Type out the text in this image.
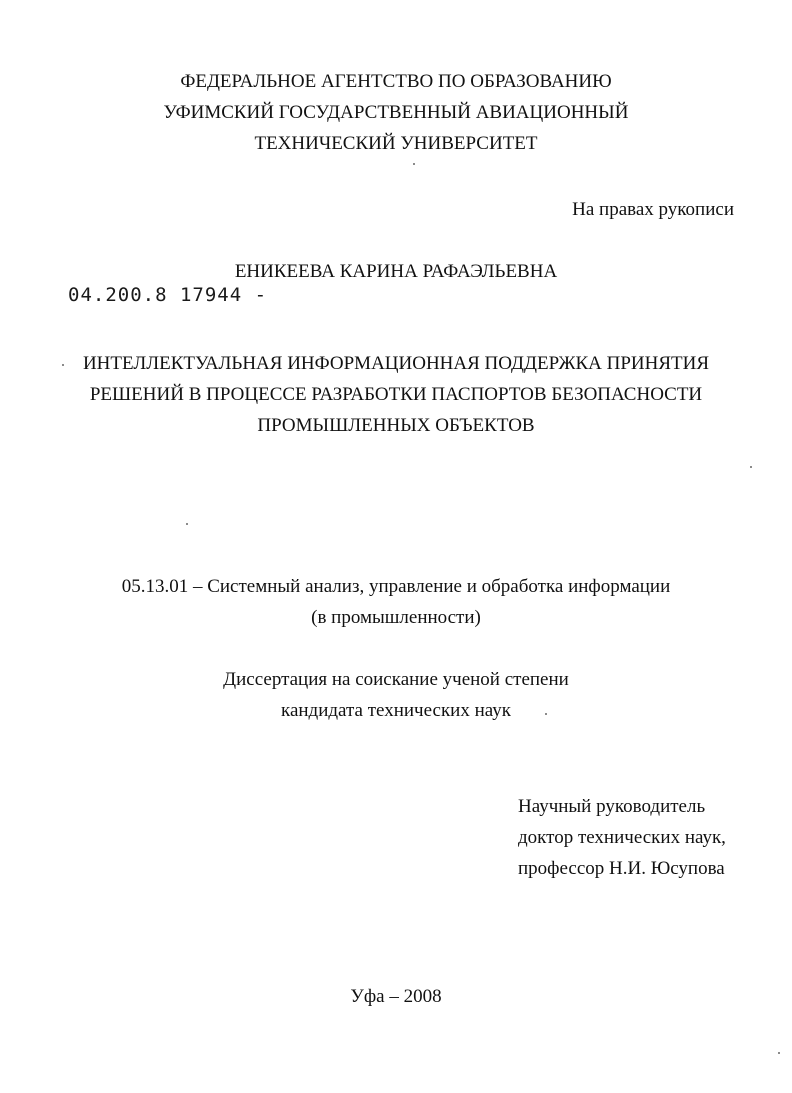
ФЕДЕРАЛЬНОЕ АГЕНТСТВО ПО ОБРАЗОВАНИЮ
УФИМСКИЙ ГОСУДАРСТВЕННЫЙ АВИАЦИОННЫЙ
ТЕХНИЧЕСКИЙ УНИВЕРСИТЕТ
На правах рукописи
ЕНИКЕЕВА КАРИНА РАФАЭЛЬЕВНА
04.200.8 17944 -
ИНТЕЛЛЕКТУАЛЬНАЯ ИНФОРМАЦИОННАЯ ПОДДЕРЖКА ПРИНЯТИЯ
РЕШЕНИЙ В ПРОЦЕССЕ РАЗРАБОТКИ ПАСПОРТОВ БЕЗОПАСНОСТИ
ПРОМЫШЛЕННЫХ ОБЪЕКТОВ
05.13.01 – Системный анализ, управление и обработка информации
(в промышленности)
Диссертация на соискание ученой степени
кандидата технических наук
Научный руководитель
доктор технических наук,
профессор Н.И. Юсупова
Уфа – 2008
